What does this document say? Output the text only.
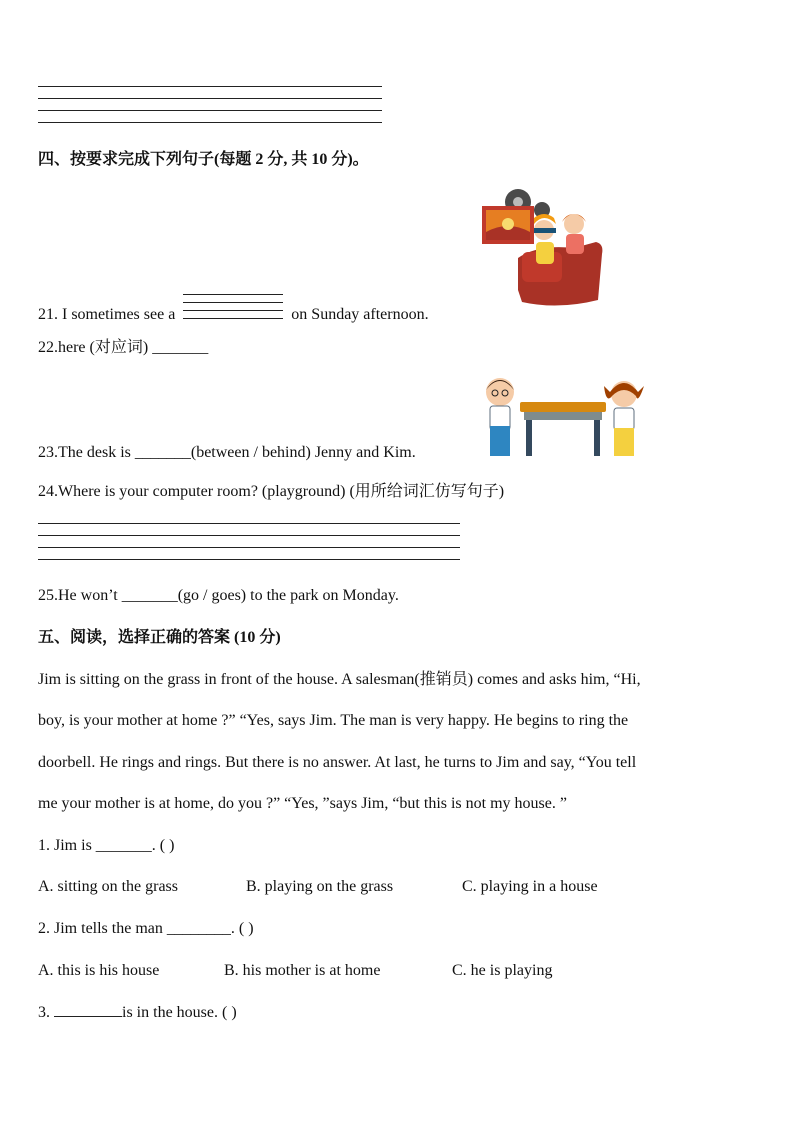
四、按要求完成下列句子(每题 2 分, 共 10 分)。
21. I sometimes see a	on Sunday afternoon.
22.here (对应词) _______
23.The desk is _______(between / behind) Jenny and Kim.
24.Where is your computer room? (playground) (用所给词汇仿写句子)
25.He won’t _______(go / goes) to the park on Monday.
五、阅读，选择正确的答案 (10 分)
Jim is sitting on the grass in front of the house. A salesman(推销员) comes and asks him, “Hi,
boy, is your mother at home ?” “Yes, says Jim. The man is very happy. He begins to ring the
doorbell. He rings and rings. But there is no answer. At last, he turns to Jim and say, “You tell
me your mother is at home, do you ?” “Yes, ”says Jim, “but this is not my house. ”
1. Jim is _______. ( )
A. sitting on the grass	B. playing on the grass	C. playing in a house
2. Jim tells the man ________. ( )
A. this is his house	B. his mother is at home	C. he is playing
3.	is in the house. ( )
